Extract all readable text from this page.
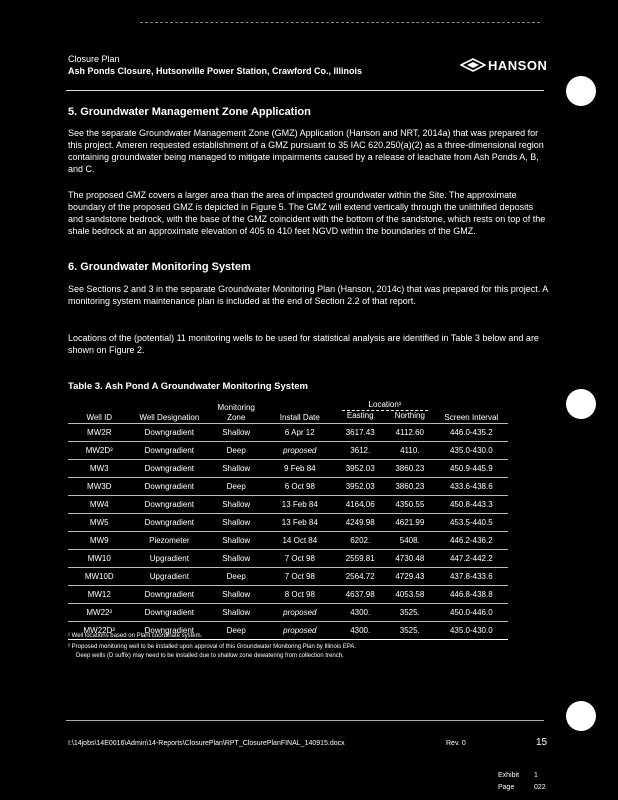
Closure Plan
Ash Ponds Closure, Hutsonville Power Station, Crawford Co., Illinois	HANSON
5. Groundwater Management Zone Application

See the separate Groundwater Management Zone (GMZ) Application (Hanson and NRT, 2014a) that was prepared for this project. Ameren requested establishment of a GMZ pursuant to 35 IAC 620.250(a)(2) as a three-dimensional region containing groundwater being managed to mitigate impairments caused by a release of leachate from Ash Ponds A, B, and C.

The proposed GMZ covers a larger area than the area of impacted groundwater within the Site. The approximate boundary of the proposed GMZ is depicted in Figure 5. The GMZ will extend vertically through the unlithified deposits and sandstone bedrock, with the base of the GMZ coincident with the bottom of the sandstone, which rests on top of the shale bedrock at an approximate elevation of 405 to 410 feet NGVD within the boundaries of the GMZ.

6. Groundwater Monitoring System

See Sections 2 and 3 in the separate Groundwater Monitoring Plan (Hanson, 2014c) that was prepared for this project. A monitoring system maintenance plan is included at the end of Section 2.2 of that report.

Locations of the (potential) 11 monitoring wells to be used for statistical analysis are identified in Table 3 below and are shown on Figure 2.

Table 3. Ash Pond A Groundwater Monitoring System
Well ID	Well Designation	Monitoring Zone	Install Date	Location¹		Screen Interval
				Easting	Northing	
MW2R	Downgradient	Shallow	6 Apr 12	3617.43	4112.60	446.0-435.2
MW2D²	Downgradient	Deep	proposed	3612.	4110.	435.0-430.0
MW3	Downgradient	Shallow	9 Feb 84	3952.03	3860.23	450.9-445.9
MW3D	Downgradient	Deep	6 Oct 98	3952.03	3860.23	433.6-438.6
MW4	Downgradient	Shallow	13 Feb 84	4164.06	4350.55	450.8-443.3
MW5	Downgradient	Shallow	13 Feb 84	4249.98	4621.99	453.5-440.5
MW9	Piezometer	Shallow	14 Oct 84	6202.	5408.	446.2-436.2
MW10	Upgradient	Shallow	7 Oct 98	2559.81	4730.48	447.2-442.2
MW10D	Upgradient	Deep	7 Oct 98	2564.72	4729.43	437.8-433.6
MW12	Downgradient	Shallow	8 Oct 98	4637.98	4053.58	446.8-438.8
MW22²	Downgradient	Shallow	proposed	4300.	3525.	450.0-446.0
MW22D²	Downgradient	Deep	proposed	4300.	3525.	435.0-430.0
¹ Well locations based on Plant coordinate system.
² Proposed monitoring well to be installed upon approval of this Groundwater Monitoring Plan by Illinois EPA.
Deep wells (D suffix) may need to be installed due to shallow zone dewatering from collection trench.
I:\14jobs\14E0016\Admin\14-Reports\ClosurePlan\RPT_ClosurePlanFINAL_140915.docx	Rev. 0	15
Exhibit 1
Page	022
